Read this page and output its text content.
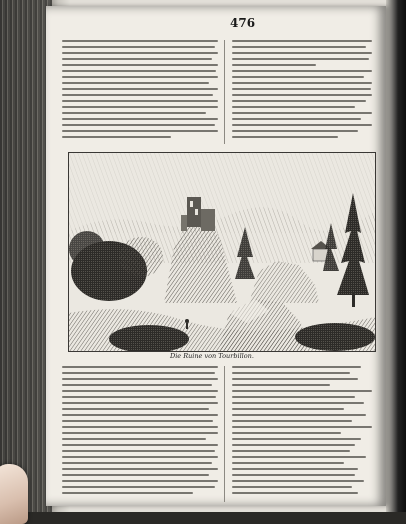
476
Die Ruine von Tourbillon.
